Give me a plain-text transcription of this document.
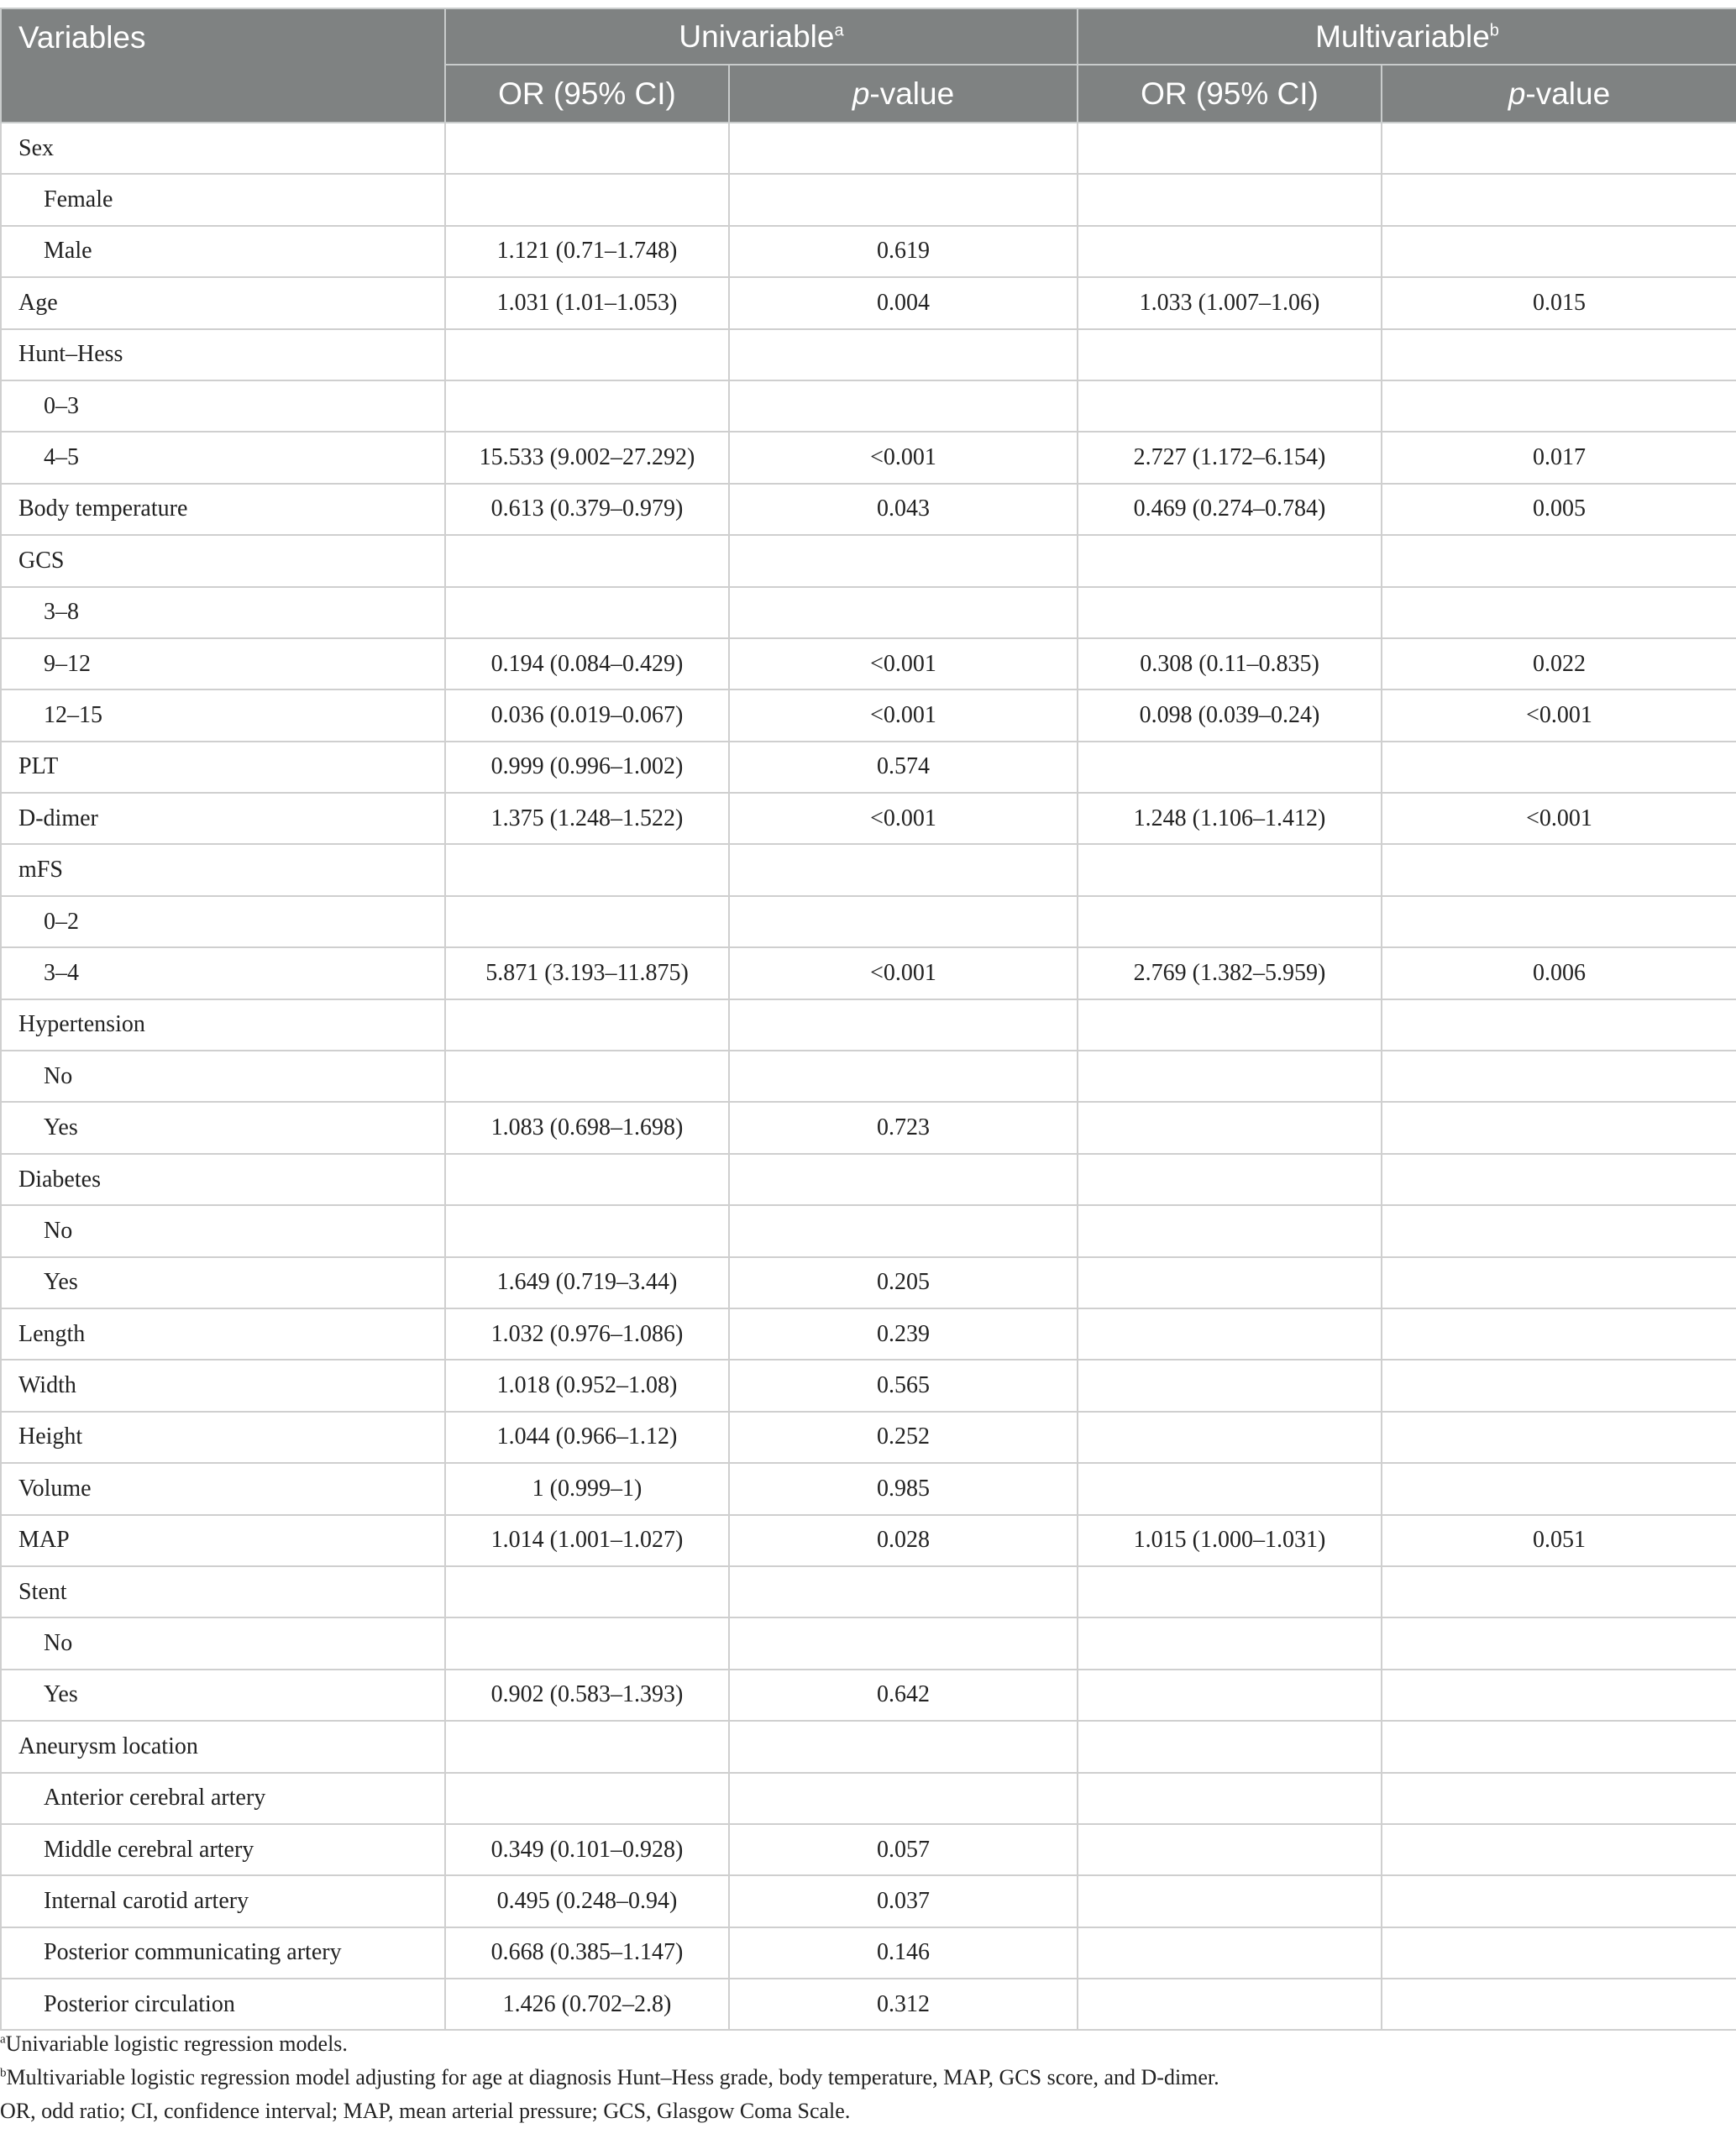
Variables	Univariable$^a$		Multivariable$^b$
	OR (95% CI)	p-value	OR (95% CI)	p-value
Sex				
Female				
Male	1.121 (0.71–1.748)	0.619		
Age	1.031 (1.01–1.053)	0.004	1.033 (1.007–1.06)	0.015
Hunt–Hess				
0–3				
4–5	15.533 (9.002–27.292)	<0.001	2.727 (1.172–6.154)	0.017
Body temperature	0.613 (0.379–0.979)	0.043	0.469 (0.274–0.784)	0.005
GCS				
3–8				
9–12	0.194 (0.084–0.429)	<0.001	0.308 (0.11–0.835)	0.022
12–15	0.036 (0.019–0.067)	<0.001	0.098 (0.039–0.24)	<0.001
PLT	0.999 (0.996–1.002)	0.574		
D-dimer	1.375 (1.248–1.522)	<0.001	1.248 (1.106–1.412)	<0.001
mFS				
0–2				
3–4	5.871 (3.193–11.875)	<0.001	2.769 (1.382–5.959)	0.006
Hypertension				
No				
Yes	1.083 (0.698–1.698)	0.723		
Diabetes				
No				
Yes	1.649 (0.719–3.44)	0.205		
Length	1.032 (0.976–1.086)	0.239		
Width	1.018 (0.952–1.08)	0.565		
Height	1.044 (0.966–1.12)	0.252		
Volume	1 (0.999–1)	0.985		
MAP	1.014 (1.001–1.027)	0.028	1.015 (1.000–1.031)	0.051
Stent				
No				
Yes	0.902 (0.583–1.393)	0.642		
Aneurysm location				
Anterior cerebral artery				
Middle cerebral artery	0.349 (0.101–0.928)	0.057		
Internal carotid artery	0.495 (0.248–0.94)	0.037		
Posterior communicating artery	0.668 (0.385–1.147)	0.146		
Posterior circulation	1.426 (0.702–2.8)	0.312		
$^a$Univariable logistic regression models.
$^b$Multivariable logistic regression model adjusting for age at diagnosis Hunt–Hess grade, body temperature, MAP, GCS score, and D-dimer.
OR, odd ratio; CI, confidence interval; MAP, mean arterial pressure; GCS, Glasgow Coma Scale.
